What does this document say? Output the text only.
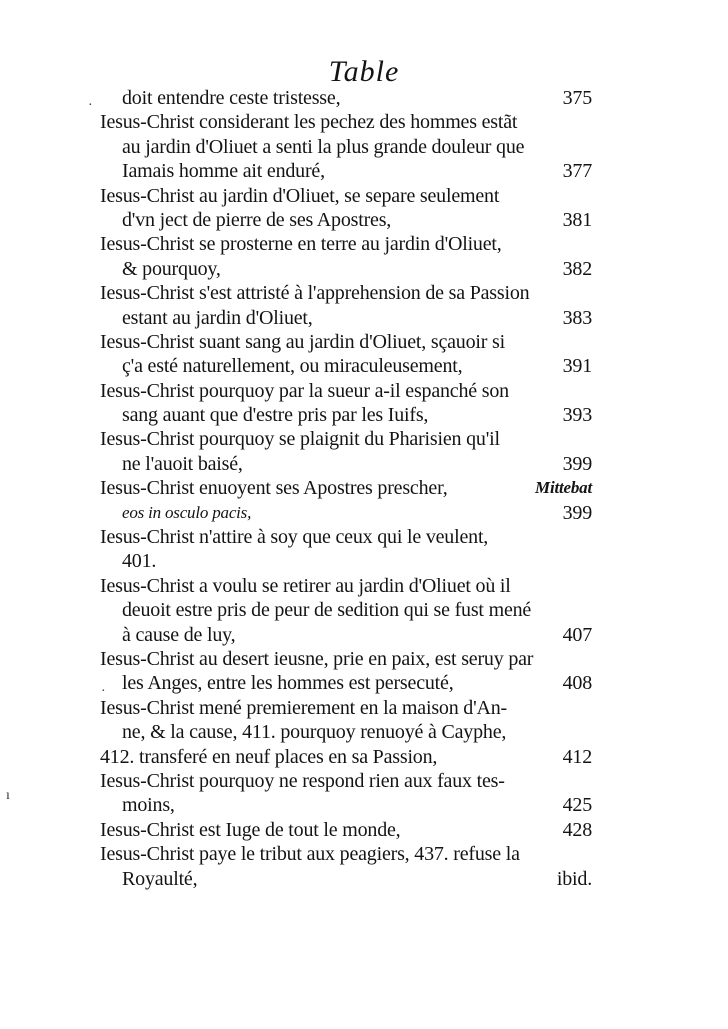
Table
doit entendre ceste tristesse,	375
Iesus-Christ considerant les pechez des hommes estãt
au jardin d'Oliuet a senti la plus grande douleur que
Iamais homme ait enduré,	377
Iesus-Christ au jardin d'Oliuet, se separe seulement
d'vn ject de pierre de ses Apostres,	381
Iesus-Christ se prosterne en terre au jardin d'Oliuet,
& pourquoy,	382
Iesus-Christ s'est attristé à l'apprehension de sa Passion
estant au jardin d'Oliuet,	383
Iesus-Christ suant sang au jardin d'Oliuet, sçauoir si
ç'a esté naturellement, ou miraculeusement,	391
Iesus-Christ pourquoy par la sueur a-il espanché son
sang auant que d'estre pris par les Iuifs,	393
Iesus-Christ pourquoy se plaignit du Pharisien qu'il
ne l'auoit baisé,	399
Iesus-Christ enuoyent ses Apostres prescher,	Mittebat
eos in osculo pacis,	399
Iesus-Christ n'attire à soy que ceux qui le veulent,
401.
Iesus-Christ a voulu se retirer au jardin d'Oliuet où il
deuoit estre pris de peur de sedition qui se fust mené
à cause de luy,	407
Iesus-Christ au desert ieusne, prie en paix, est seruy par
les Anges, entre les hommes est persecuté,	408
Iesus-Christ mené premierement en la maison d'An-
ne, & la cause, 411. pourquoy renuoyé à Cayphe,
412. transferé en neuf places en sa Passion,	412
Iesus-Christ pourquoy ne respond rien aux faux tes-
moins,	425
Iesus-Christ est Iuge de tout le monde,	428
Iesus-Christ paye le tribut aux peagiers, 437. refuse la
Royaulté,	ibid.
·
·
ı
